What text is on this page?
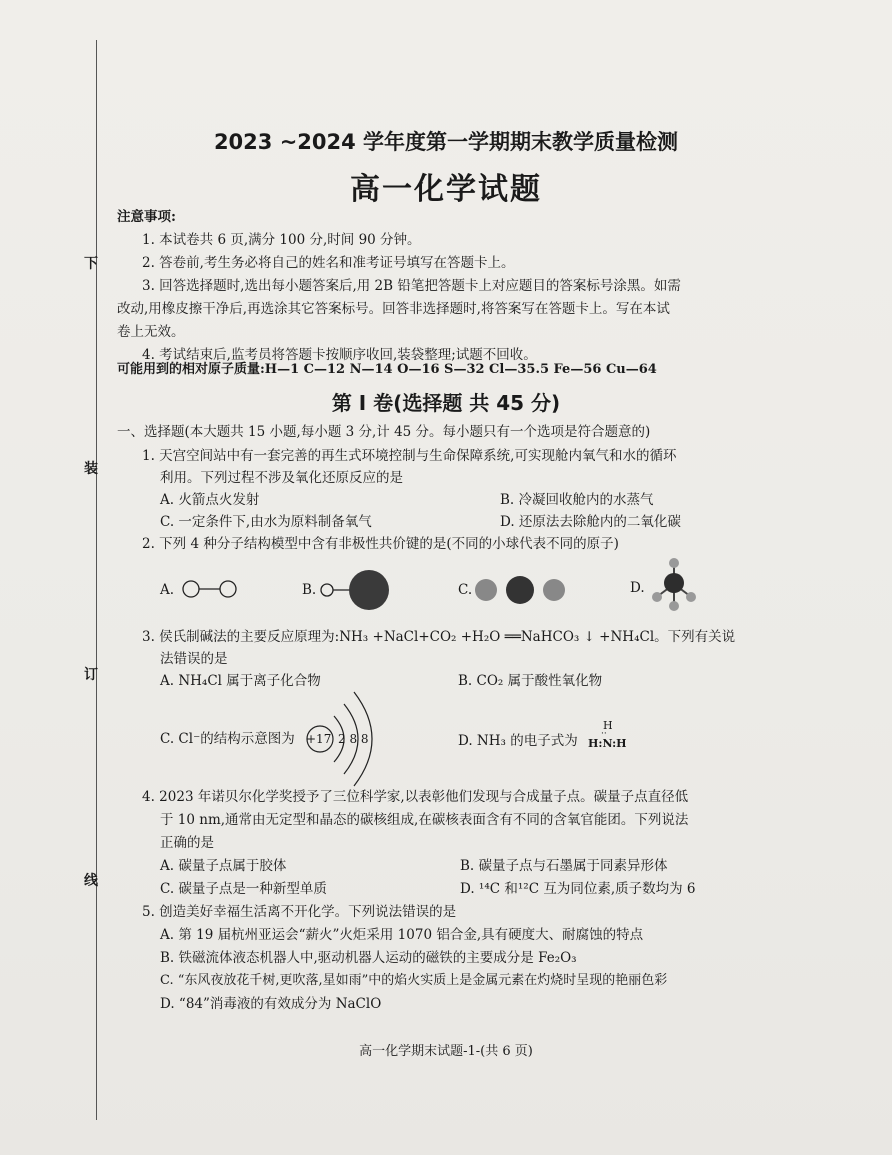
下
装
订
线
2023 ~2024 学年度第一学期期末教学质量检测
高一化学试题
注意事项:
1. 本试卷共 6 页,满分 100 分,时间 90 分钟。
2. 答卷前,考生务必将自己的姓名和准考证号填写在答题卡上。
3. 回答选择题时,选出每小题答案后,用 2B 铅笔把答题卡上对应题目的答案标号涂黑。如需
改动,用橡皮擦干净后,再选涂其它答案标号。回答非选择题时,将答案写在答题卡上。写在本试
卷上无效。
4. 考试结束后,监考员将答题卡按顺序收回,装袋整理;试题不回收。
可能用到的相对原子质量:H—1 C—12 N—14 O—16 S—32 Cl—35.5 Fe—56 Cu—64
第 Ⅰ 卷(选择题 共 45 分)
一、选择题(本大题共 15 小题,每小题 3 分,计 45 分。每小题只有一个选项是符合题意的)
1. 天宫空间站中有一套完善的再生式环境控制与生命保障系统,可实现舱内氧气和水的循环
利用。下列过程不涉及氧化还原反应的是
A. 火箭点火发射	B. 冷凝回收舱内的水蒸气
C. 一定条件下,由水为原料制备氧气	D. 还原法去除舱内的二氧化碳
2. 下列 4 种分子结构模型中含有非极性共价键的是(不同的小球代表不同的原子)
A.	B.	C.	D.
3. 侯氏制碱法的主要反应原理为:NH₃ +NaCl+CO₂ +H₂O ══NaHCO₃ ↓ +NH₄Cl。下列有关说
法错误的是
A. NH₄Cl 属于离子化合物	B. CO₂ 属于酸性氧化物
C. Cl⁻的结构示意图为 +17 2 8 8	D. NH₃ 的电子式为
H
··
H:N:H
4. 2023 年诺贝尔化学奖授予了三位科学家,以表彰他们发现与合成量子点。碳量子点直径低
于 10 nm,通常由无定型和晶态的碳核组成,在碳核表面含有不同的含氧官能团。下列说法
正确的是
A. 碳量子点属于胶体	B. 碳量子点与石墨属于同素异形体
C. 碳量子点是一种新型单质	D. ¹⁴C 和¹²C 互为同位素,质子数均为 6
5. 创造美好幸福生活离不开化学。下列说法错误的是
A. 第 19 届杭州亚运会“薪火”火炬采用 1070 铝合金,具有硬度大、耐腐蚀的特点
B. 铁磁流体液态机器人中,驱动机器人运动的磁铁的主要成分是 Fe₂O₃
C. “东风夜放花千树,更吹落,星如雨”中的焰火实质上是金属元素在灼烧时呈现的艳丽色彩
D. “84”消毒液的有效成分为 NaClO
高一化学期末试题-1-(共 6 页)
